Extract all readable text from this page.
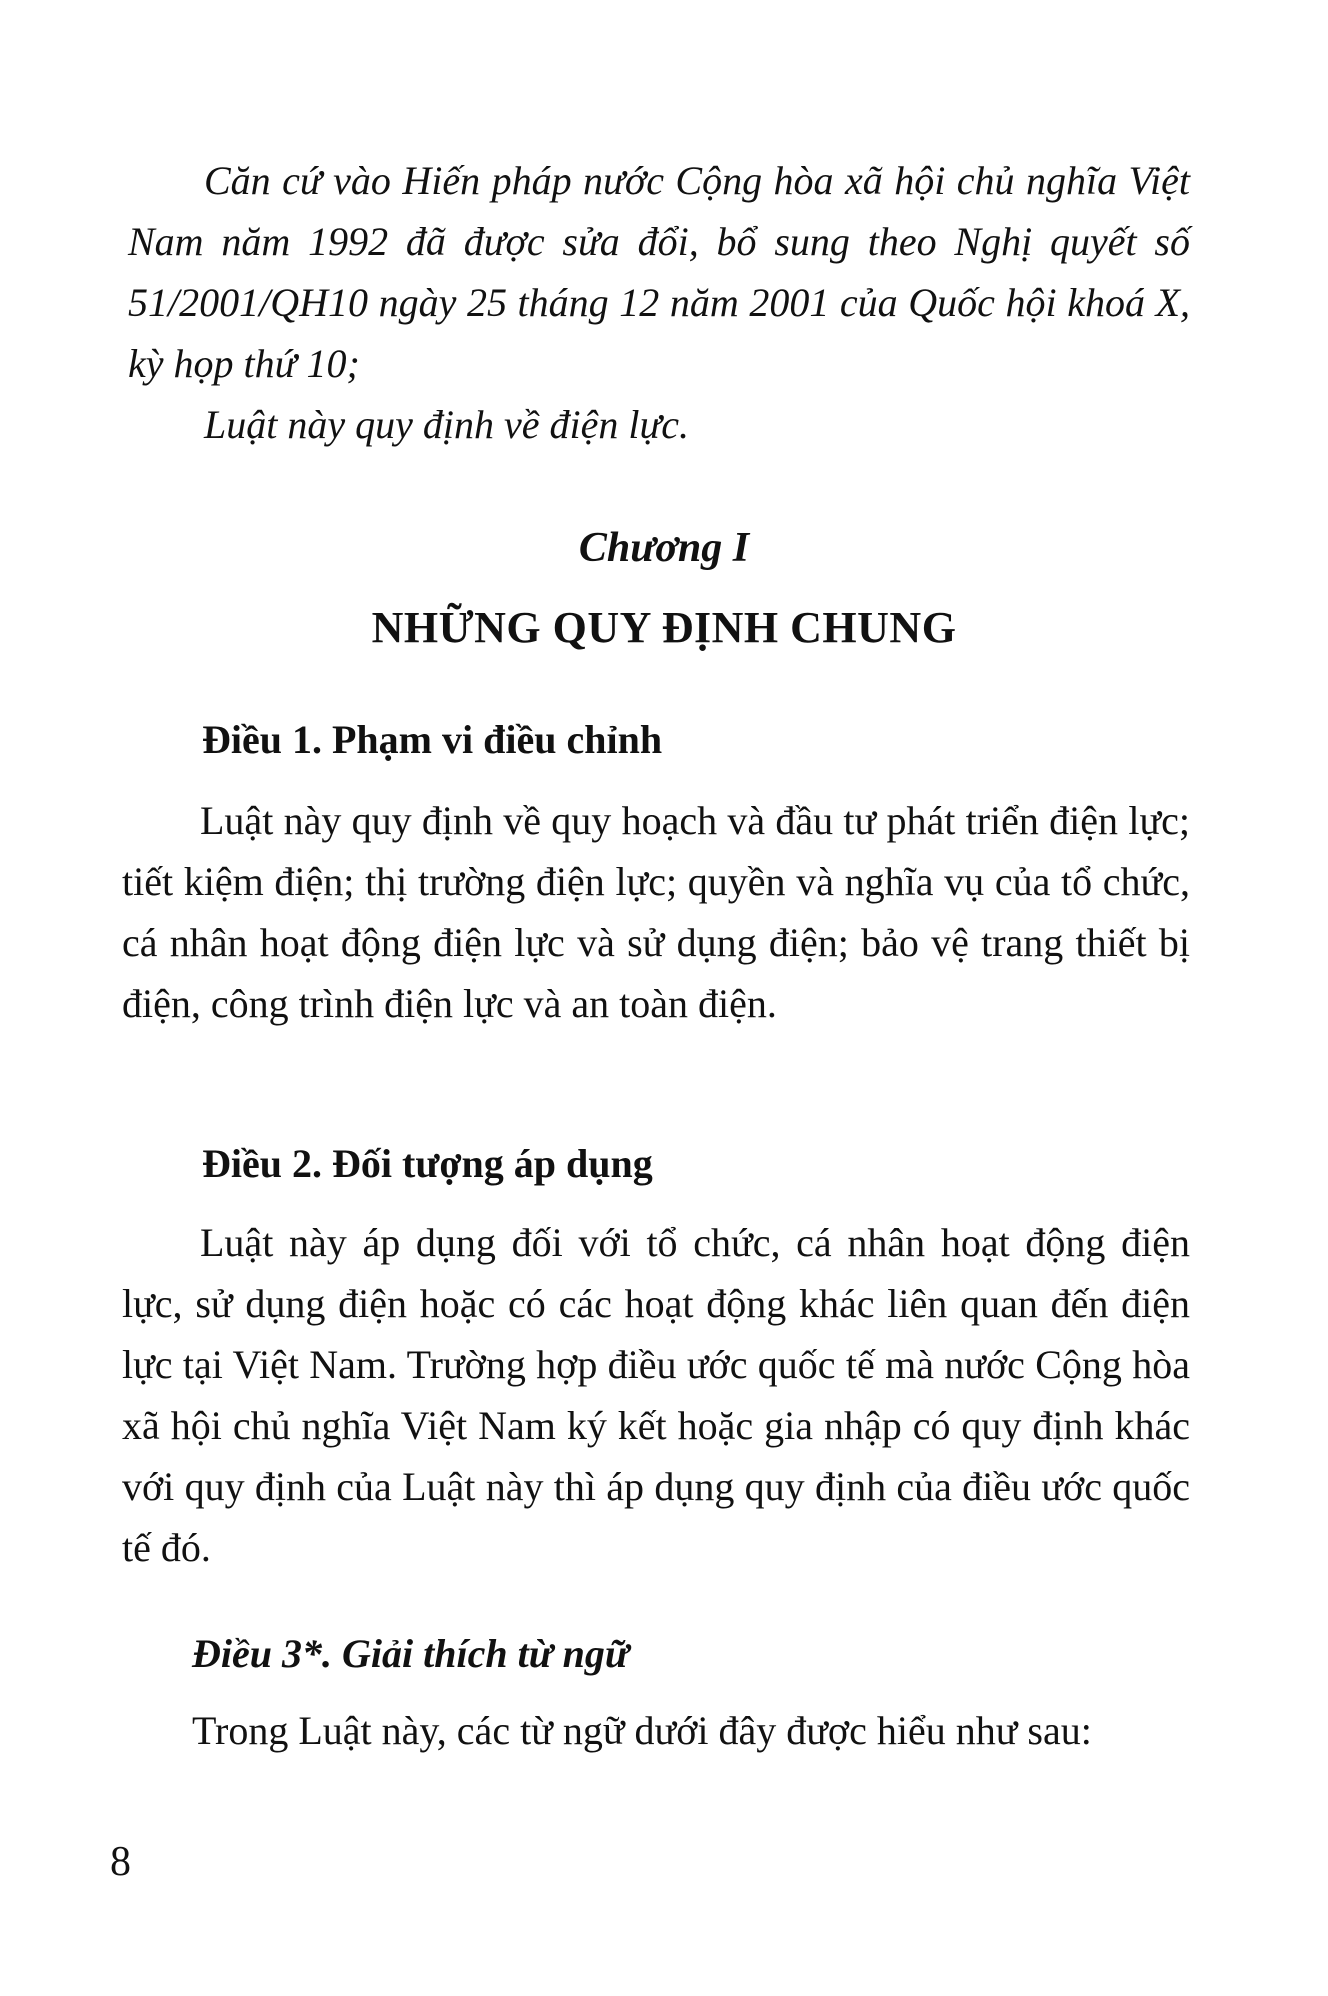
Căn cứ vào Hiến pháp nước Cộng hòa xã hội chủ nghĩa Việt Nam năm 1992 đã được sửa đổi, bổ sung theo Nghị quyết số 51/2001/QH10 ngày 25 tháng 12 năm 2001 của Quốc hội khoá X, kỳ họp thứ 10;

Luật này quy định về điện lực.

Chương I
NHỮNG QUY ĐỊNH CHUNG
Điều 1. Phạm vi điều chỉnh

Luật này quy định về quy hoạch và đầu tư phát triển điện lực; tiết kiệm điện; thị trường điện lực; quyền và nghĩa vụ của tổ chức, cá nhân hoạt động điện lực và sử dụng điện; bảo vệ trang thiết bị điện, công trình điện lực và an toàn điện.

Điều 2. Đối tượng áp dụng

Luật này áp dụng đối với tổ chức, cá nhân hoạt động điện lực, sử dụng điện hoặc có các hoạt động khác liên quan đến điện lực tại Việt Nam. Trường hợp điều ước quốc tế mà nước Cộng hòa xã hội chủ nghĩa Việt Nam ký kết hoặc gia nhập có quy định khác với quy định của Luật này thì áp dụng quy định của điều ước quốc tế đó.

Điều 3*. Giải thích từ ngữ

Trong Luật này, các từ ngữ dưới đây được hiểu như sau:

8
